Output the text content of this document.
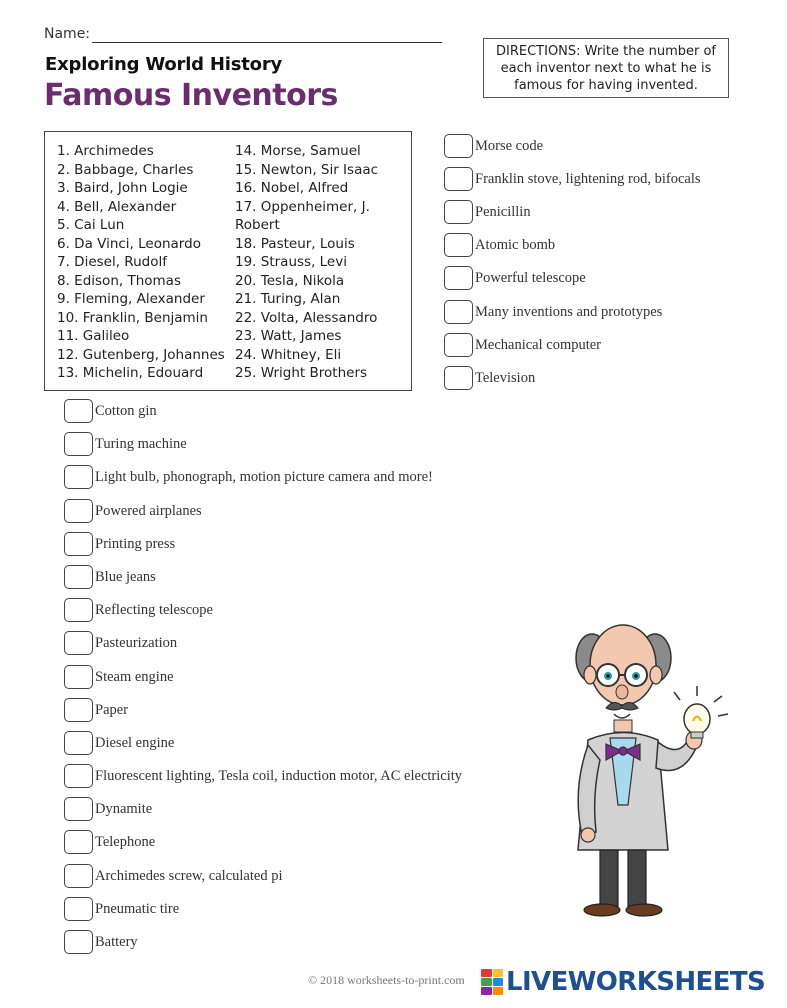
Name:
Exploring World History
Famous Inventors
DIRECTIONS: Write the number of each inventor next to what he is famous for having invented.
1. Archimedes
2. Babbage, Charles
3. Baird, John Logie
4. Bell, Alexander
5. Cai Lun
6. Da Vinci, Leonardo
7. Diesel, Rudolf
8. Edison, Thomas
9. Fleming, Alexander
10. Franklin, Benjamin
11. Galileo
12. Gutenberg, Johannes
13. Michelin, Edouard
14. Morse, Samuel
15. Newton, Sir Isaac
16. Nobel, Alfred
17. Oppenheimer, J. Robert
18. Pasteur, Louis
19. Strauss, Levi
20. Tesla, Nikola
21. Turing, Alan
22. Volta, Alessandro
23. Watt, James
24. Whitney, Eli
25. Wright Brothers
Morse code
Franklin stove, lightening rod, bifocals
Penicillin
Atomic bomb
Powerful telescope
Many inventions and prototypes
Mechanical computer
Television
Cotton gin
Turing machine
Light bulb, phonograph, motion picture camera and more!
Powered airplanes
Printing press
Blue jeans
Reflecting telescope
Pasteurization
Steam engine
Paper
Diesel engine
Fluorescent lighting, Tesla coil, induction motor, AC electricity
Dynamite
Telephone
Archimedes screw, calculated pi
Pneumatic tire
Battery
© 2018 worksheets-to-print.com LIVEWORKSHEETS
